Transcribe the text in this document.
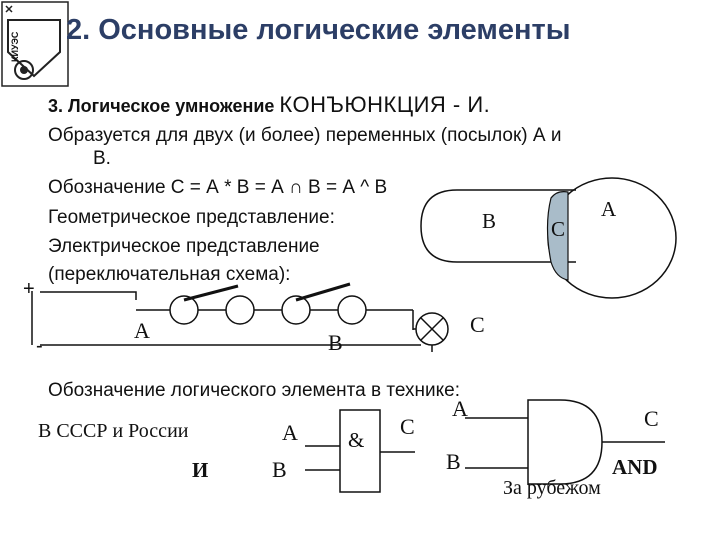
КИУЭС
2. Основные логические элементы
3. Логическое умножение КОНЪЮНКЦИЯ - И.
Образуется для двух (и более) переменных (посылок) А и
В.
Обозначение С = А * В = А ∩ В = А ^ В
Геометрическое представление:
Электрическое представление
(переключательная схема):
+
-
В	С
А
А	В
С
Обозначение логического элемента в технике:
В СССР и России
И
А
В
&
С
А
В
С
AND
За рубежом
